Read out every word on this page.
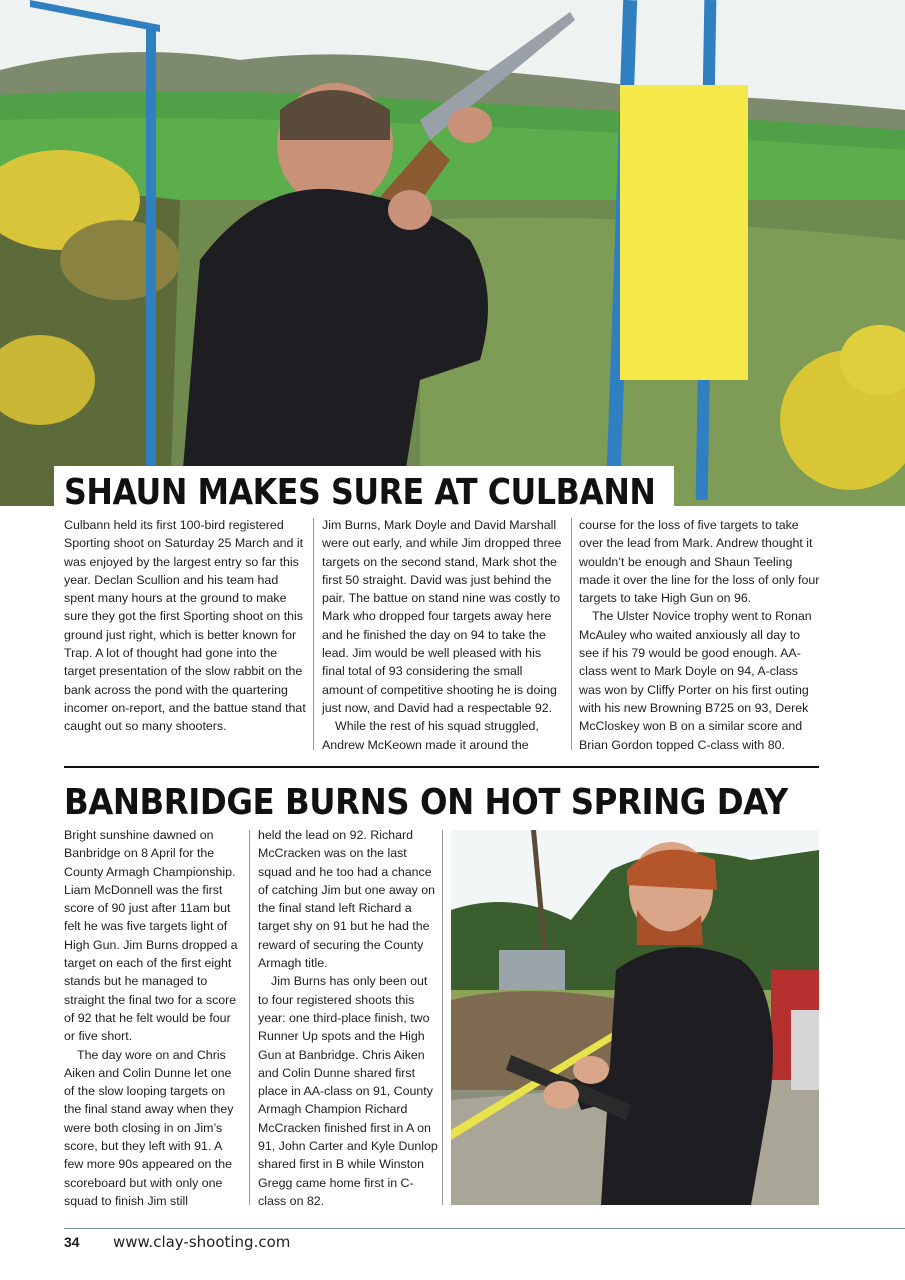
SHAUN MAKES SURE AT CULBANN

Culbann held its first 100-bird registered Sporting shoot on Saturday 25 March and it was enjoyed by the largest entry so far this year. Declan Scullion and his team had spent many hours at the ground to make sure they got the first Sporting shoot on this ground just right, which is better known for Trap. A lot of thought had gone into the target presentation of the slow rabbit on the bank across the pond with the quartering incomer on-report, and the battue stand that caught out so many shooters.

Jim Burns, Mark Doyle and David Marshall were out early, and while Jim dropped three targets on the second stand, Mark shot the first 50 straight. David was just behind the pair. The battue on stand nine was costly to Mark who dropped four targets away here and he finished the day on 94 to take the lead. Jim would be well pleased with his final total of 93 considering the small amount of competitive shooting he is doing just now, and David had a respectable 92.

While the rest of his squad struggled, Andrew McKeown made it around the

course for the loss of five targets to take over the lead from Mark. Andrew thought it wouldn’t be enough and Shaun Teeling made it over the line for the loss of only four targets to take High Gun on 96.

The Ulster Novice trophy went to Ronan McAuley who waited anxiously all day to see if his 79 would be good enough. AA-class went to Mark Doyle on 94, A-class was won by Cliffy Porter on his first outing with his new Browning B725 on 93, Derek McCloskey won B on a similar score and Brian Gordon topped C-class with 80.

BANBRIDGE BURNS ON HOT SPRING DAY

Bright sunshine dawned on Banbridge on 8 April for the County Armagh Championship. Liam McDonnell was the first score of 90 just after 11am but felt he was five targets light of High Gun. Jim Burns dropped a target on each of the first eight stands but he managed to straight the final two for a score of 92 that he felt would be four or five short.

The day wore on and Chris Aiken and Colin Dunne let one of the slow looping targets on the final stand away when they were both closing in on Jim’s score, but they left with 91. A few more 90s appeared on the scoreboard but with only one squad to finish Jim still

held the lead on 92. Richard McCracken was on the last squad and he too had a chance of catching Jim but one away on the final stand left Richard a target shy on 91 but he had the reward of securing the County Armagh title.

Jim Burns has only been out to four registered shoots this year: one third-place finish, two Runner Up spots and the High Gun at Banbridge. Chris Aiken and Colin Dunne shared first place in AA-class on 91, County Armagh Champion Richard McCracken finished first in A on 91, John Carter and Kyle Dunlop shared first in B while Winston Gregg came home first in C-class on 82.

34 www.clay-shooting.com
